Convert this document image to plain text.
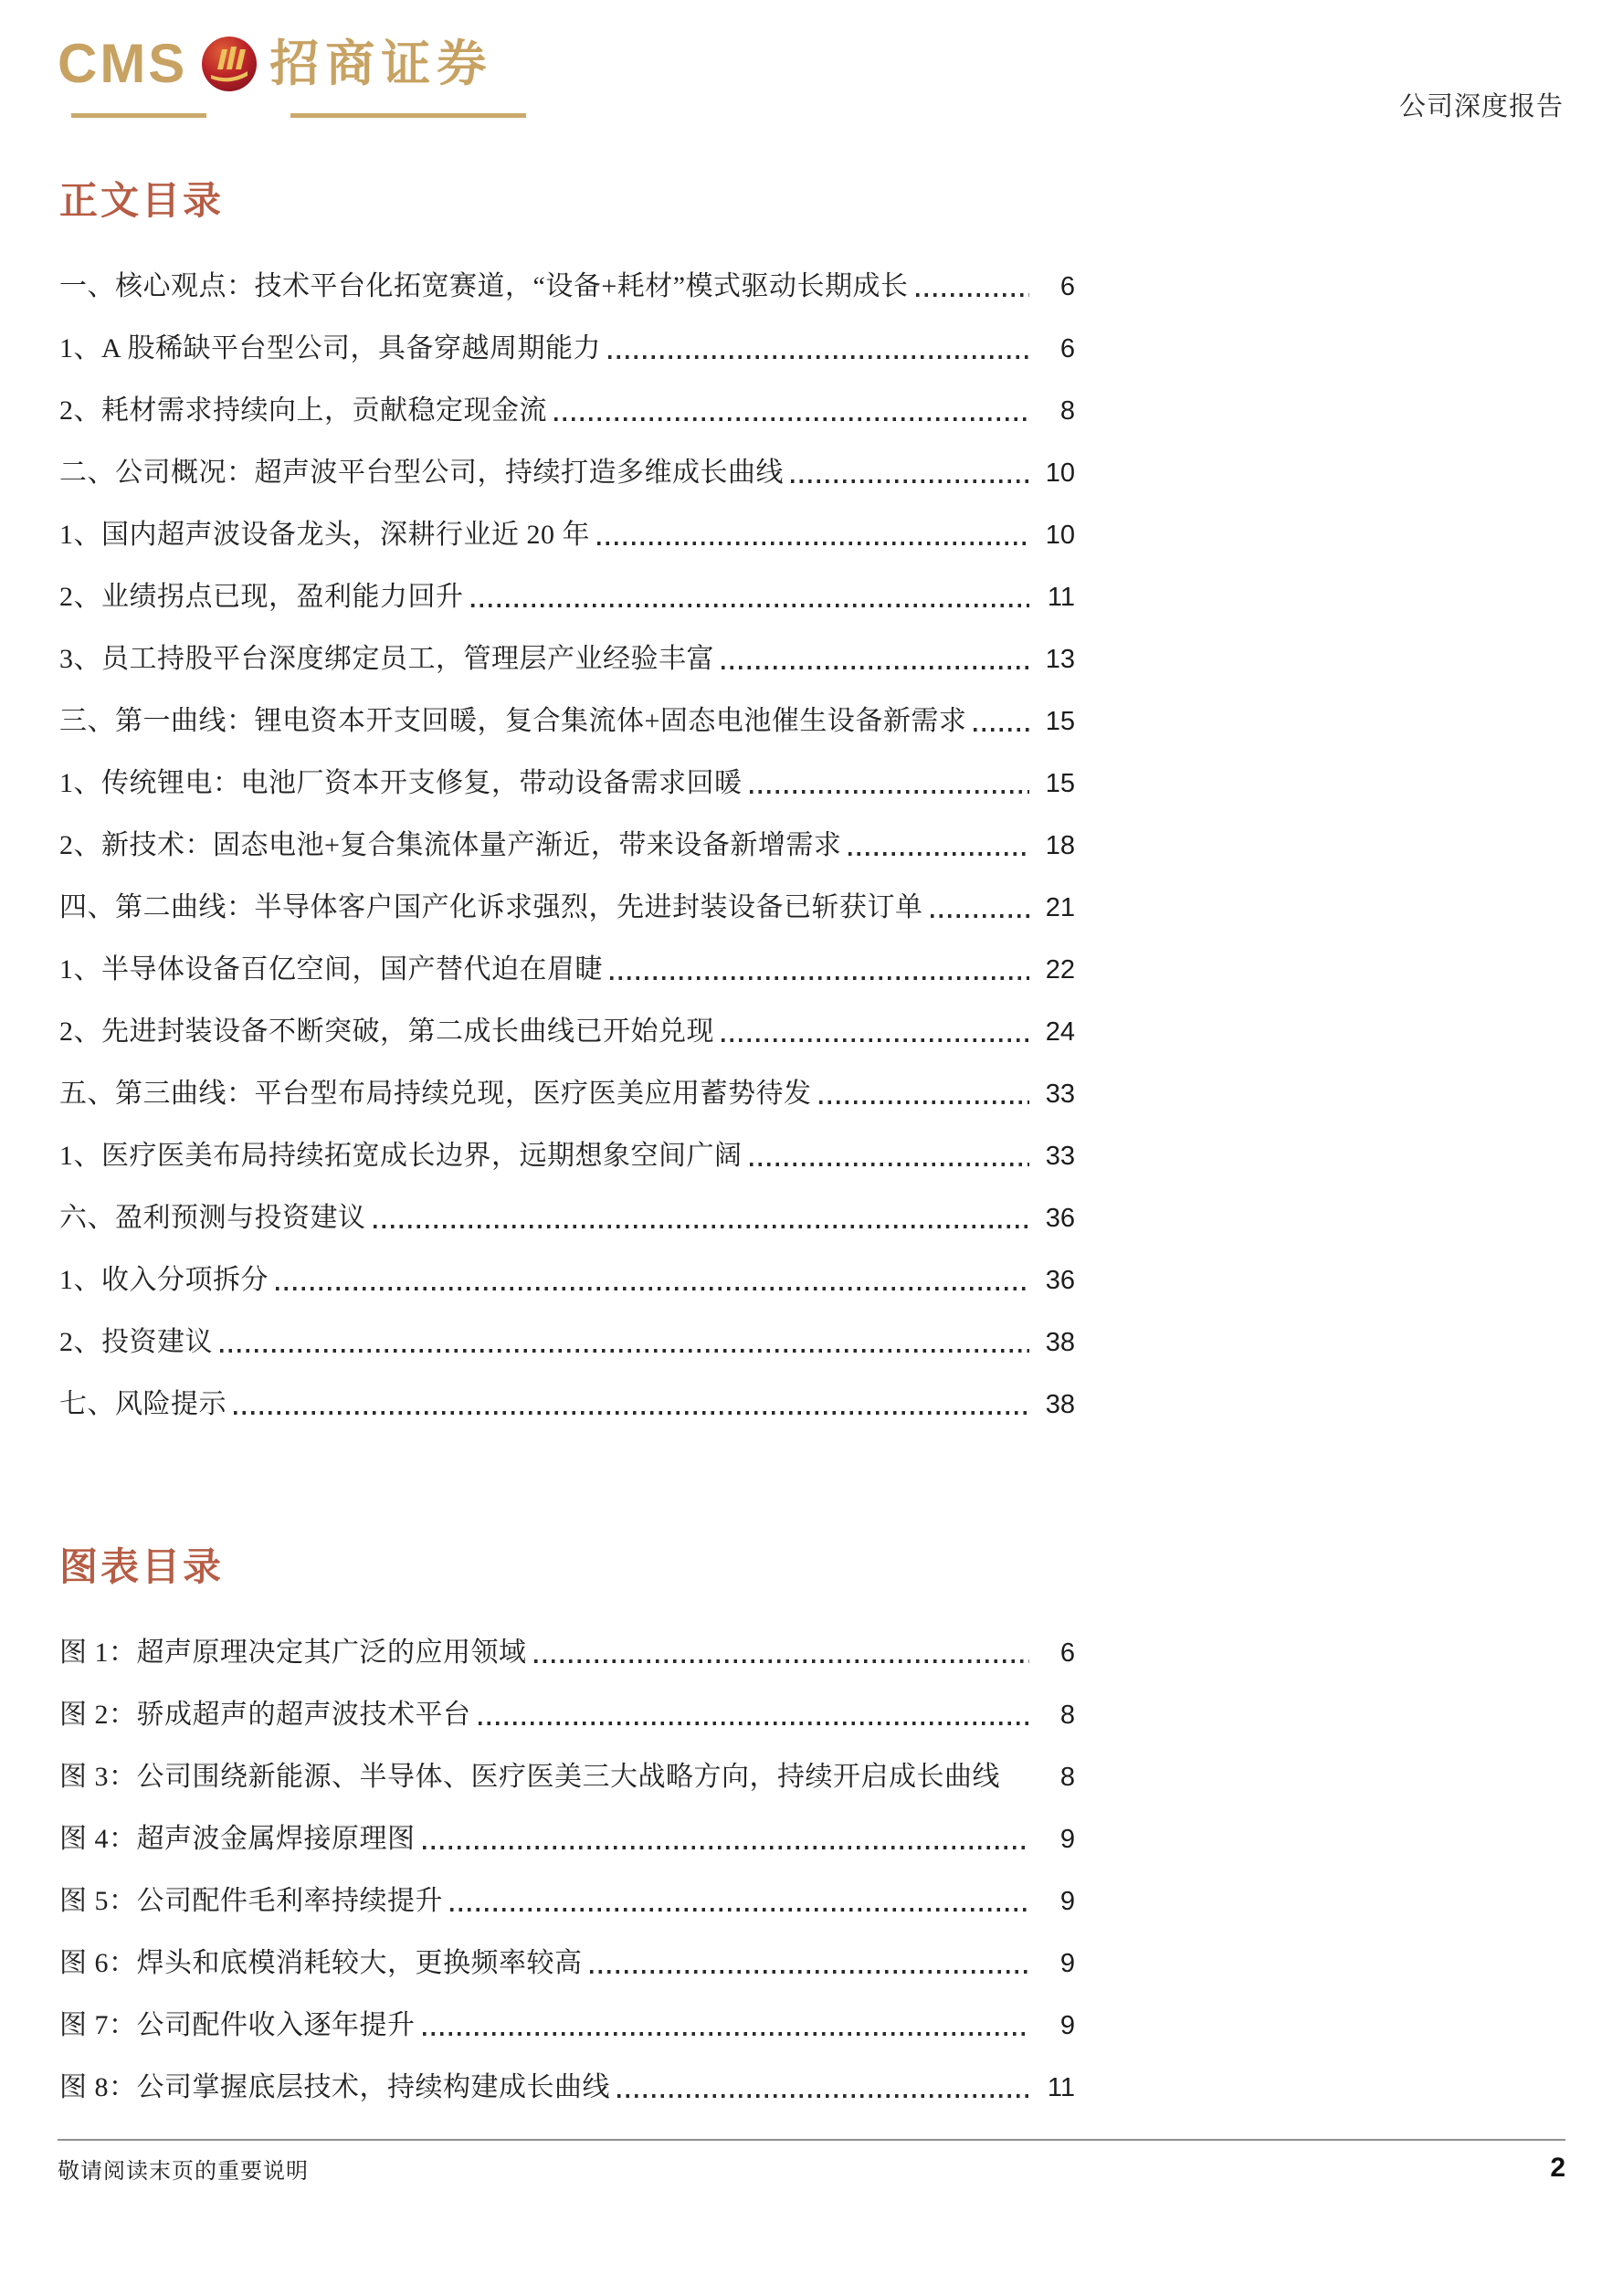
CMS 招商证券
公司深度报告
正文目录
一、核心观点：技术平台化拓宽赛道，“设备+耗材”模式驱动长期成长	6
1、A 股稀缺平台型公司，具备穿越周期能力	6
2、耗材需求持续向上，贡献稳定现金流	8
二、公司概况：超声波平台型公司，持续打造多维成长曲线	10
1、国内超声波设备龙头，深耕行业近 20 年	10
2、业绩拐点已现，盈利能力回升	11
3、员工持股平台深度绑定员工，管理层产业经验丰富	13
三、第一曲线：锂电资本开支回暖，复合集流体+固态电池催生设备新需求	15
1、传统锂电：电池厂资本开支修复，带动设备需求回暖	15
2、新技术：固态电池+复合集流体量产渐近，带来设备新增需求	18
四、第二曲线：半导体客户国产化诉求强烈，先进封装设备已斩获订单	21
1、半导体设备百亿空间，国产替代迫在眉睫	22
2、先进封装设备不断突破，第二成长曲线已开始兑现	24
五、第三曲线：平台型布局持续兑现，医疗医美应用蓄势待发	33
1、医疗医美布局持续拓宽成长边界，远期想象空间广阔	33
六、盈利预测与投资建议	36
1、收入分项拆分	36
2、投资建议	38
七、风险提示	38
图表目录
图 1：超声原理决定其广泛的应用领域	6
图 2：骄成超声的超声波技术平台	8
图 3：公司围绕新能源、半导体、医疗医美三大战略方向，持续开启成长曲线	8
图 4：超声波金属焊接原理图	9
图 5：公司配件毛利率持续提升	9
图 6：焊头和底模消耗较大，更换频率较高	9
图 7：公司配件收入逐年提升	9
图 8：公司掌握底层技术，持续构建成长曲线	11
敬请阅读末页的重要说明	2
